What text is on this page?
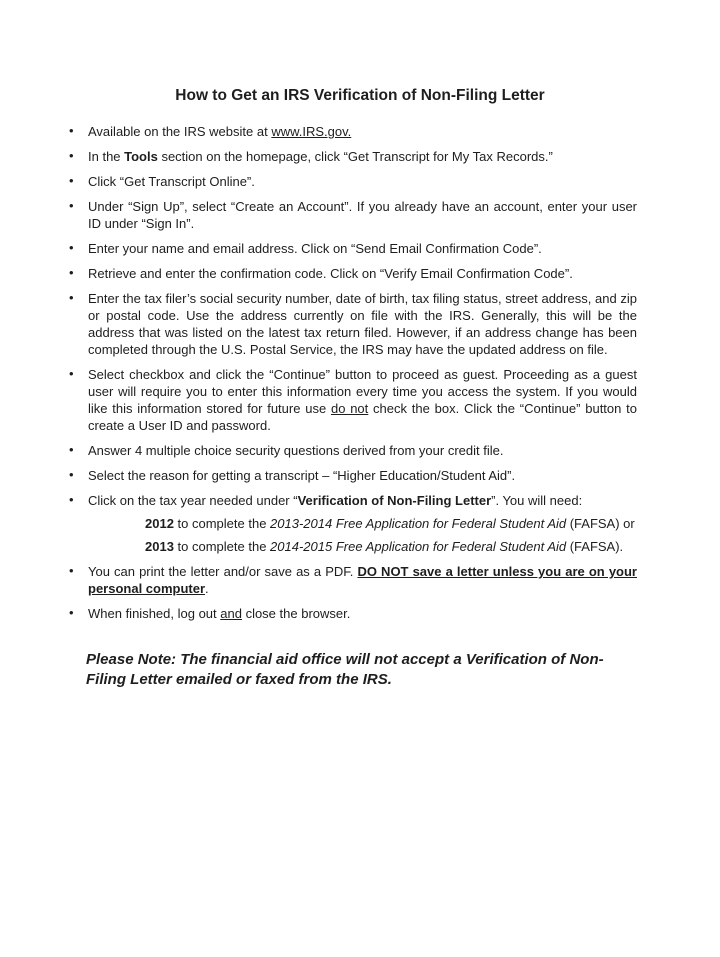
How to Get an IRS Verification of Non-Filing Letter
• Available on the IRS website at www.IRS.gov.
• In the Tools section on the homepage, click “Get Transcript for My Tax Records.”
• Click “Get Transcript Online”.
• Under “Sign Up”, select “Create an Account”. If you already have an account, enter your user ID under “Sign In”.
• Enter your name and email address. Click on “Send Email Confirmation Code”.
• Retrieve and enter the confirmation code. Click on “Verify Email Confirmation Code”.
• Enter the tax filer’s social security number, date of birth, tax filing status, street address, and zip or postal code. Use the address currently on file with the IRS. Generally, this will be the address that was listed on the latest tax return filed. However, if an address change has been completed through the U.S. Postal Service, the IRS may have the updated address on file.
• Select checkbox and click the “Continue” button to proceed as guest. Proceeding as a guest user will require you to enter this information every time you access the system. If you would like this information stored for future use do not check the box. Click the “Continue” button to create a User ID and password.
• Answer 4 multiple choice security questions derived from your credit file.
• Select the reason for getting a transcript – “Higher Education/Student Aid”.
• Click on the tax year needed under “Verification of Non-Filing Letter”. You will need:
2012 to complete the 2013-2014 Free Application for Federal Student Aid (FAFSA) or
2013 to complete the 2014-2015 Free Application for Federal Student Aid (FAFSA).
• You can print the letter and/or save as a PDF. DO NOT save a letter unless you are on your personal computer.
• When finished, log out and close the browser.

Please Note: The financial aid office will not accept a Verification of Non-Filing Letter emailed or faxed from the IRS.
